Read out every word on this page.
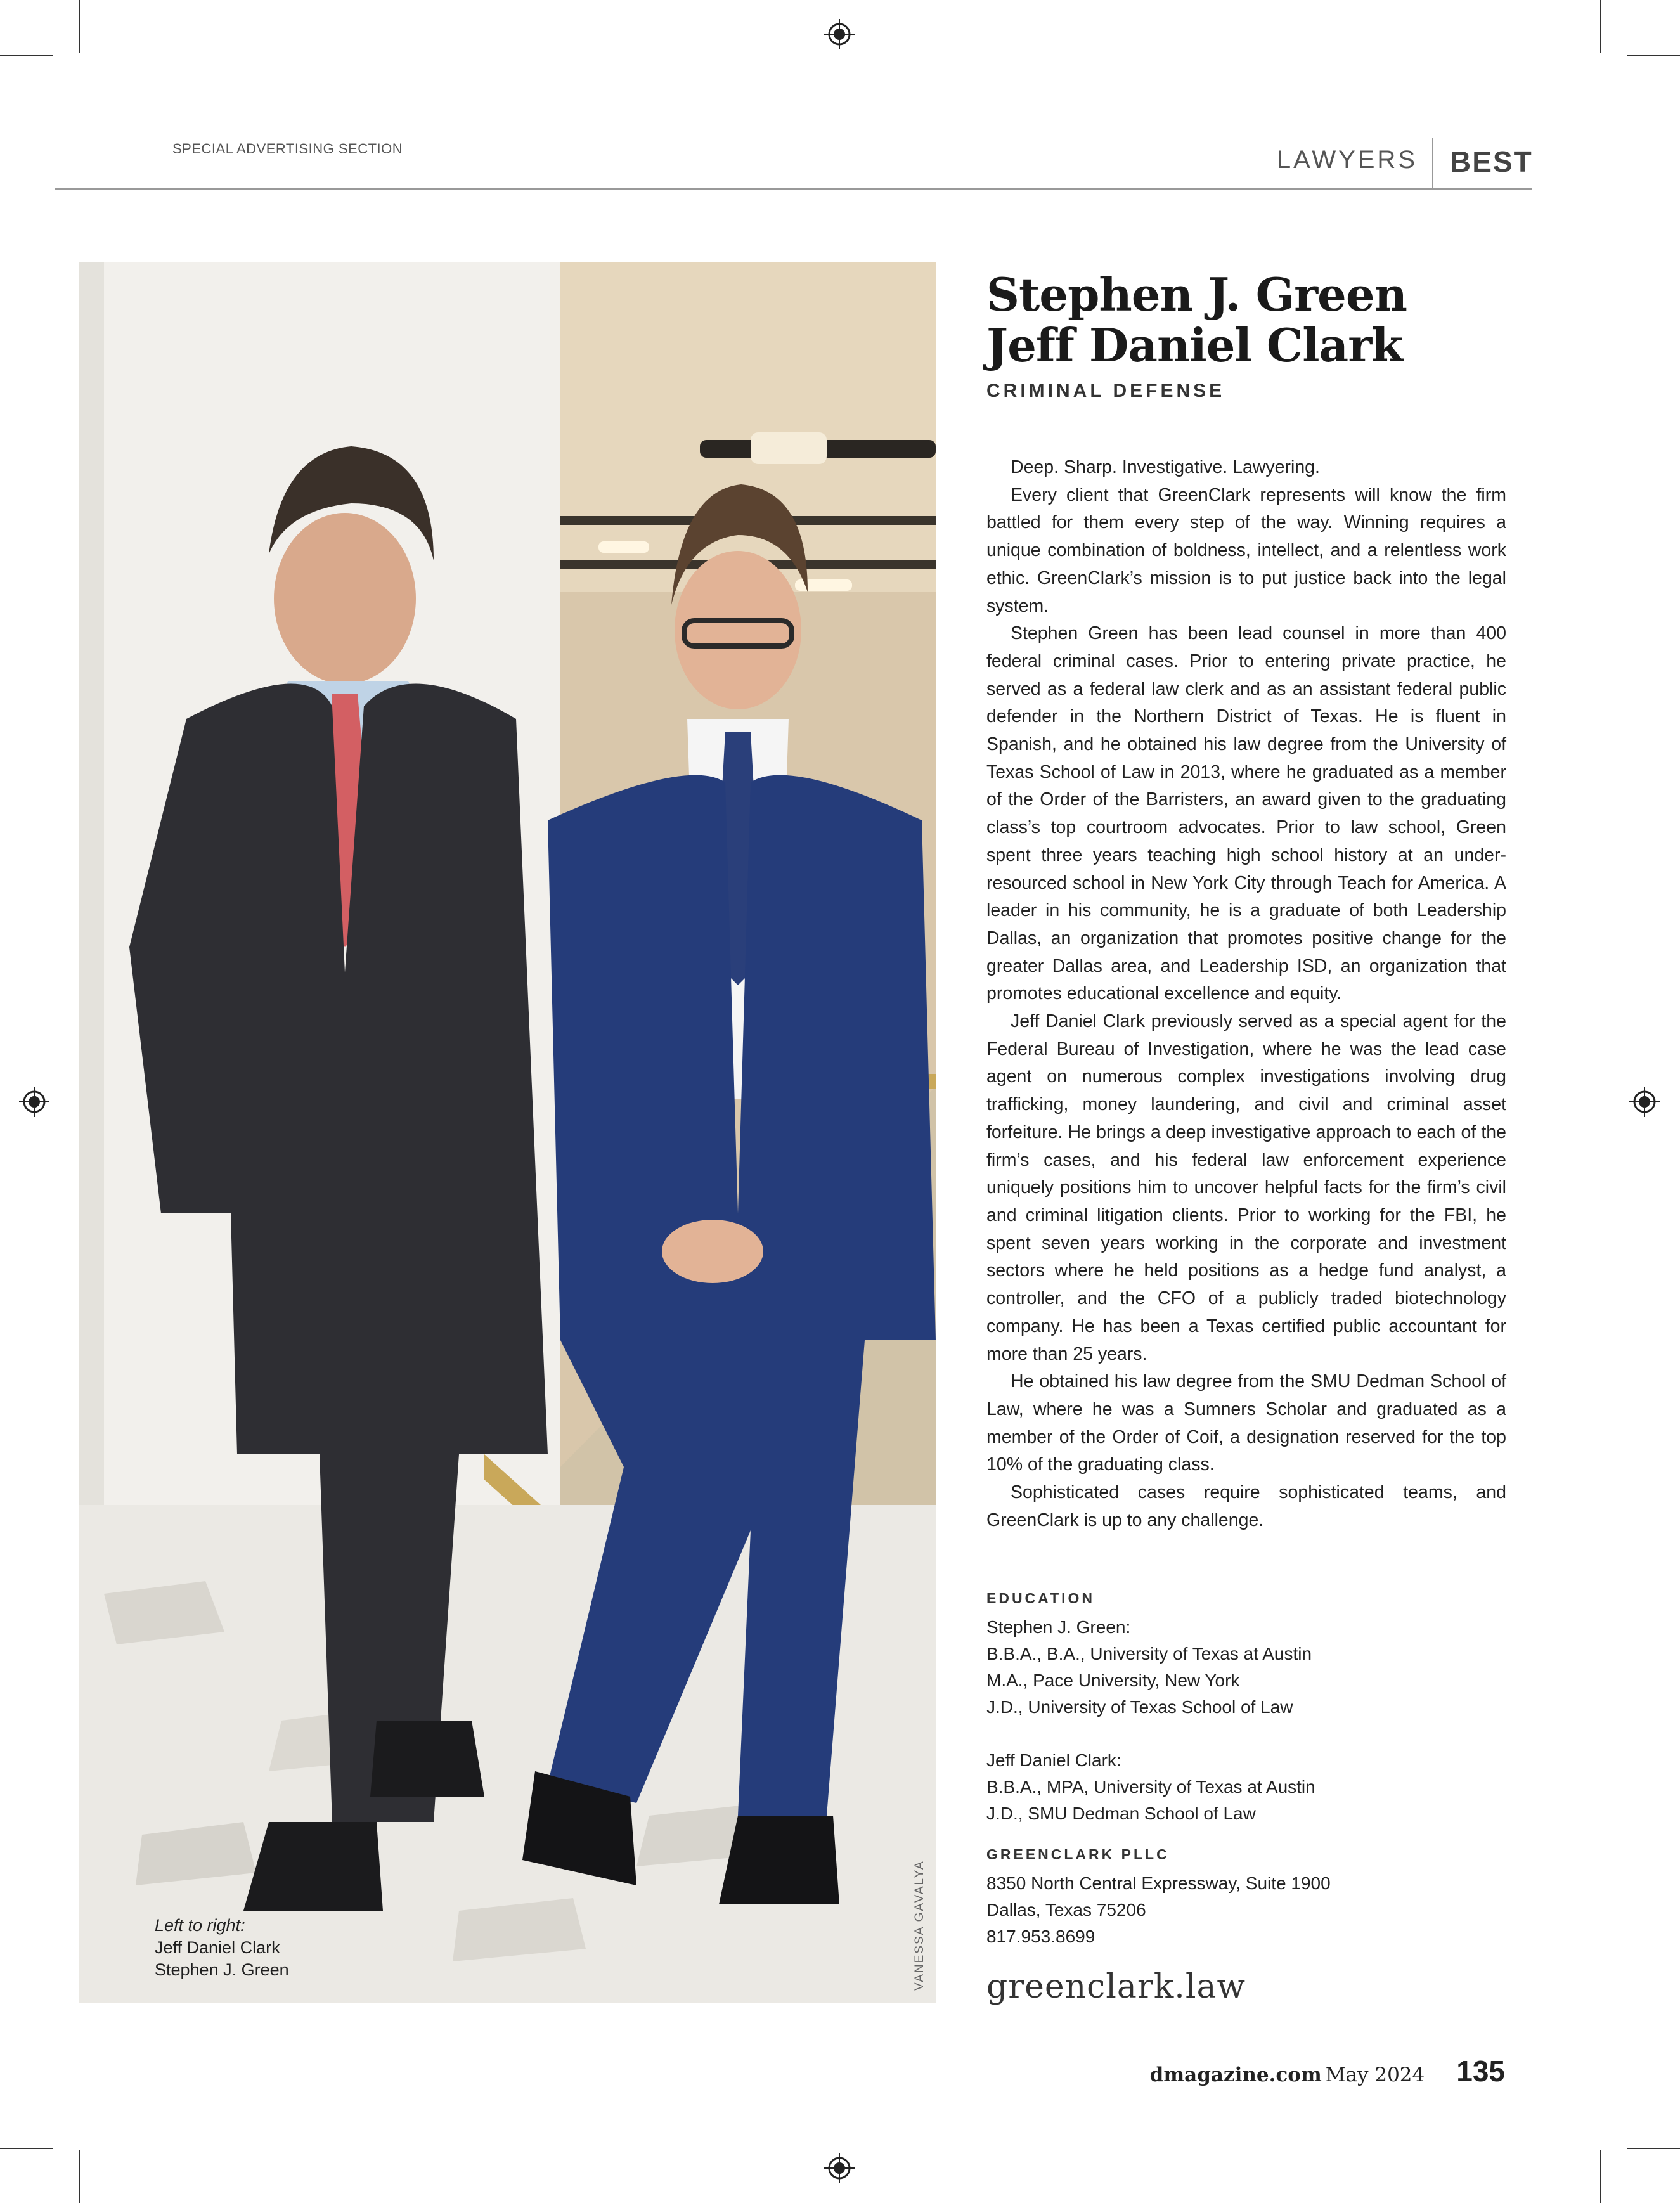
SPECIAL ADVERTISING SECTION	LAWYERS BEST
Left to right:
Jeff Daniel Clark
Stephen J. Green	VANESSA GAVALYA
Stephen J. Green
Jeff Daniel Clark
CRIMINAL DEFENSE

Deep. Sharp. Investigative. Lawyering.

Every client that GreenClark represents will know the firm battled for them every step of the way. Winning requires a unique combination of boldness, intellect, and a relentless work ethic. GreenClark’s mission is to put justice back into the legal system.

Stephen Green has been lead counsel in more than 400 federal criminal cases. Prior to entering private practice, he served as a federal law clerk and as an assistant federal public defender in the Northern District of Texas. He is fluent in Spanish, and he obtained his law degree from the University of Texas School of Law in 2013, where he graduated as a member of the Order of the Barristers, an award given to the graduating class’s top courtroom advocates. Prior to law school, Green spent three years teaching high school history at an under-resourced school in New York City through Teach for America. A leader in his community, he is a graduate of both Leadership Dallas, an organization that promotes positive change for the greater Dallas area, and Leadership ISD, an organization that promotes educational excellence and equity.

Jeff Daniel Clark previously served as a special agent for the Federal Bureau of Investigation, where he was the lead case agent on numerous complex investigations involving drug trafficking, money laundering, and civil and criminal asset forfeiture. He brings a deep investigative approach to each of the firm’s cases, and his federal law enforcement experience uniquely positions him to uncover helpful facts for the firm’s civil and criminal litigation clients. Prior to working for the FBI, he spent seven years working in the corporate and investment sectors where he held positions as a hedge fund analyst, a controller, and the CFO of a publicly traded biotechnology company. He has been a Texas certified public accountant for more than 25 years.

He obtained his law degree from the SMU Dedman School of Law, where he was a Sumners Scholar and graduated as a member of the Order of Coif, a designation reserved for the top 10% of the graduating class.

Sophisticated cases require sophisticated teams, and GreenClark is up to any challenge.

EDUCATION
Stephen J. Green:
B.B.A., B.A., University of Texas at Austin
M.A., Pace University, New York
J.D., University of Texas School of Law
Jeff Daniel Clark:
B.B.A., MPA, University of Texas at Austin
J.D., SMU Dedman School of Law
GREENCLARK PLLC
8350 North Central Expressway, Suite 1900
Dallas, Texas 75206
817.953.8699
greenclark.law
dmagazine.com May 2024 135
